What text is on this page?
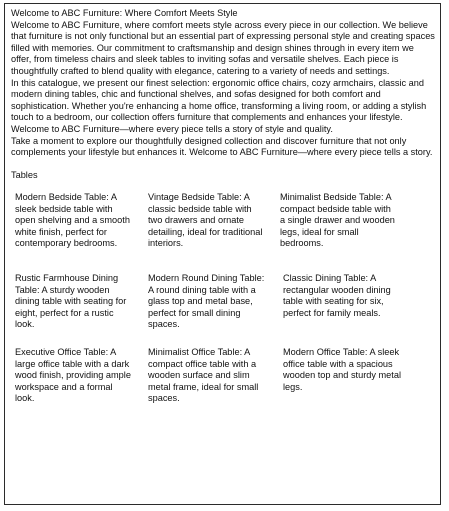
Welcome to ABC Furniture: Where Comfort Meets Style

Welcome to ABC Furniture, where comfort meets style across every piece in our collection. We believe that furniture is not only functional but an essential part of expressing personal style and creating spaces filled with memories. Our commitment to craftsmanship and design shines through in every item we offer, from timeless chairs and sleek tables to inviting sofas and versatile shelves. Each piece is thoughtfully crafted to blend quality with elegance, catering to a variety of needs and settings.

In this catalogue, we present our finest selection: ergonomic office chairs, cozy armchairs, classic and modern dining tables, chic and functional shelves, and sofas designed for both comfort and sophistication. Whether you're enhancing a home office, transforming a living room, or adding a stylish touch to a bedroom, our collection offers furniture that complements and enhances your lifestyle. Welcome to ABC Furniture—where every piece tells a story of style and quality.

Take a moment to explore our thoughtfully designed collection and discover furniture that not only complements your lifestyle but enhances it. Welcome to ABC Furniture—where every piece tells a story.

Tables

Modern Bedside Table: A sleek bedside table with open shelving and a smooth white finish, perfect for contemporary bedrooms.
Vintage Bedside Table: A classic bedside table with two drawers and ornate detailing, ideal for traditional interiors.
Minimalist Bedside Table: A compact bedside table with a single drawer and wooden legs, ideal for small bedrooms.
Rustic Farmhouse Dining Table: A sturdy wooden dining table with seating for eight, perfect for a rustic look.
Modern Round Dining Table: A round dining table with a glass top and metal base, perfect for small dining spaces.
Classic Dining Table: A rectangular wooden dining table with seating for six, perfect for family meals.
Executive Office Table: A large office table with a dark wood finish, providing ample workspace and a formal look.
Minimalist Office Table: A compact office table with a wooden surface and slim metal frame, ideal for small spaces.
Modern Office Table: A sleek office table with a spacious wooden top and sturdy metal legs.
